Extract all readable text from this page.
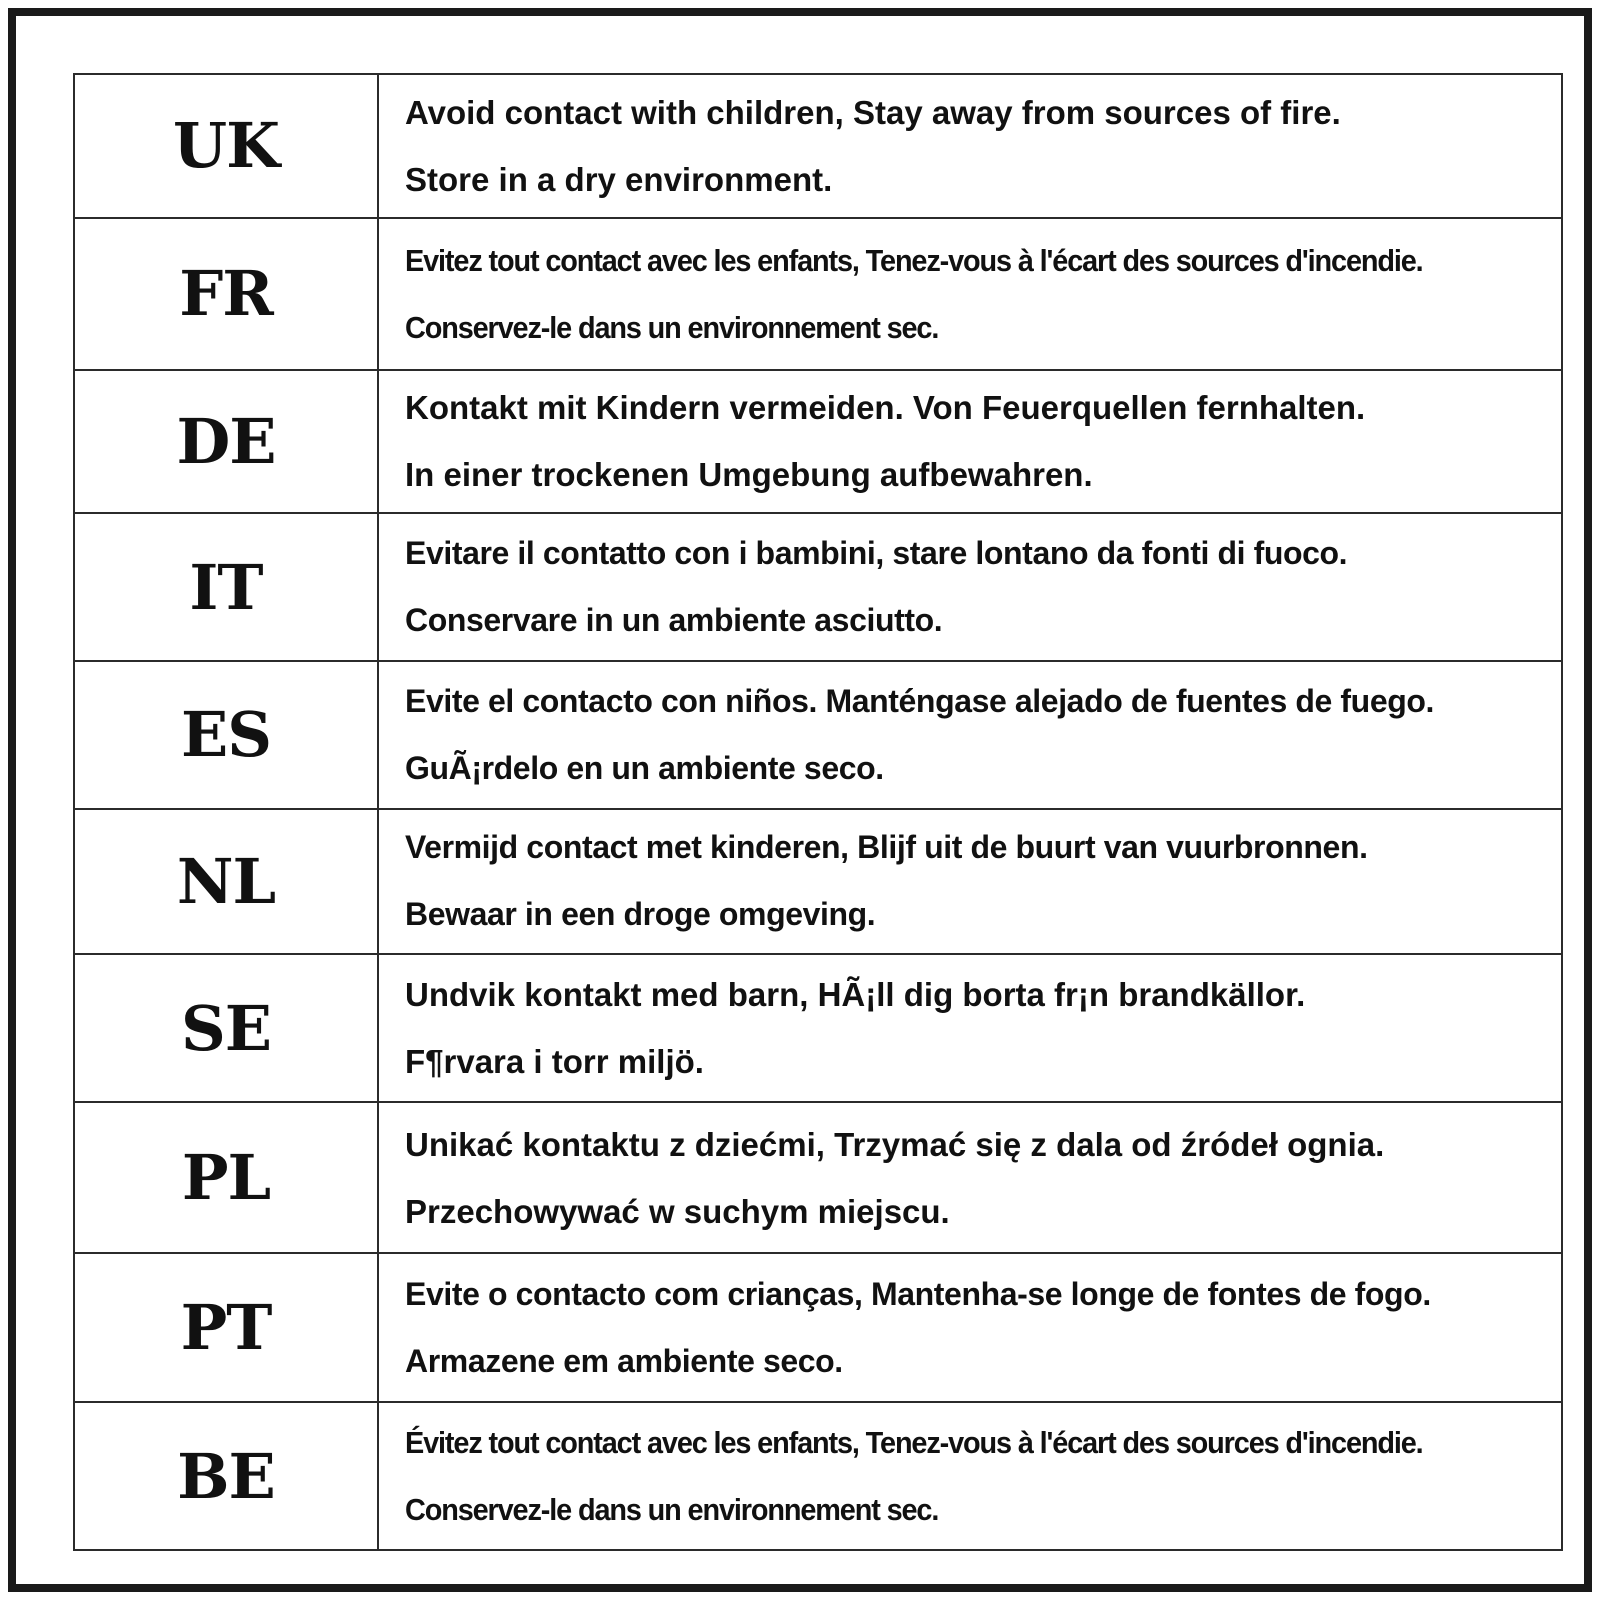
UK	Avoid contact with children, Stay away from sources of fire.
Store in a dry environment.

FR	Evitez tout contact avec les enfants, Tenez-vous à l'écart des sources d'incendie.
Conservez-le dans un environnement sec.

DE	Kontakt mit Kindern vermeiden. Von Feuerquellen fernhalten.
In einer trockenen Umgebung aufbewahren.

IT	Evitare il contatto con i bambini, stare lontano da fonti di fuoco.
Conservare in un ambiente asciutto.

ES	Evite el contacto con niños. Manténgase alejado de fuentes de fuego.
GuÃ¡rdelo en un ambiente seco.

NL	Vermijd contact met kinderen, Blijf uit de buurt van vuurbronnen.
Bewaar in een droge omgeving.

SE	Undvik kontakt med barn, HÃ¡ll dig borta fr¡n brandkällor.
F¶rvara i torr miljö.

PL	Unikać kontaktu z dziećmi, Trzymać się z dala od źródeł ognia.
Przechowywać w suchym miejscu.

PT	Evite o contacto com crianças, Mantenha-se longe de fontes de fogo.
Armazene em ambiente seco.

BE	Évitez tout contact avec les enfants, Tenez-vous à l'écart des sources d'incendie.
Conservez-le dans un environnement sec.
